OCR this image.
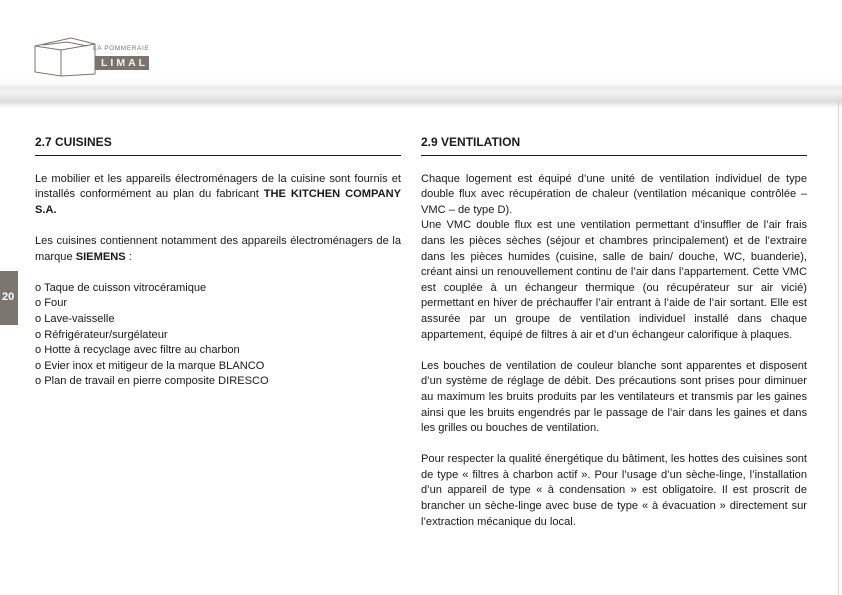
LA POMMERAIE
LIMAL
20
2.7 CUISINES

Le mobilier et les appareils électroménagers de la cuisine sont fournis et installés conformément au plan du fabricant THE KITCHEN COMPANY S.A.

Les cuisines contiennent notamment des appareils électroménagers de la marque SIEMENS :

o Taque de cuisson vitrocéramique
o Four
o Lave-vaisselle
o Réfrigérateur/surgélateur
o Hotte à recyclage avec filtre au charbon
o Evier inox et mitigeur de la marque BLANCO
o Plan de travail en pierre composite DIRESCO
2.9 VENTILATION

Chaque logement est équipé d’une unité de ventilation individuel de type double flux avec récupération de chaleur (ventilation mécanique contrôlée – VMC – de type D).

Une VMC double flux est une ventilation permettant d’insuffler de l’air frais dans les pièces sèches (séjour et chambres principalement) et de l’extraire dans les pièces humides (cuisine, salle de bain/ douche, WC, buanderie), créant ainsi un renouvellement continu de l’air dans l’appartement. Cette VMC est couplée à un échangeur thermique (ou récupérateur sur air vicié) permettant en hiver de préchauffer l’air entrant à l’aide de l’air sortant. Elle est assurée par un groupe de ventilation individuel installé dans chaque appartement, équipé de filtres à air et d’un échangeur calorifique à plaques.

Les bouches de ventilation de couleur blanche sont apparentes et disposent d’un système de réglage de débit. Des précautions sont prises pour diminuer au maximum les bruits produits par les ventilateurs et transmis par les gaines ainsi que les bruits engendrés par le passage de l’air dans les gaines et dans les grilles ou bouches de ventilation.

Pour respecter la qualité énergétique du bâtiment, les hottes des cuisines sont de type « filtres à charbon actif ». Pour l’usage d’un sèche-linge, l’installation d’un appareil de type « à condensation » est obligatoire. Il est proscrit de brancher un sèche-linge avec buse de type « à évacuation » directement sur l’extraction mécanique du local.
